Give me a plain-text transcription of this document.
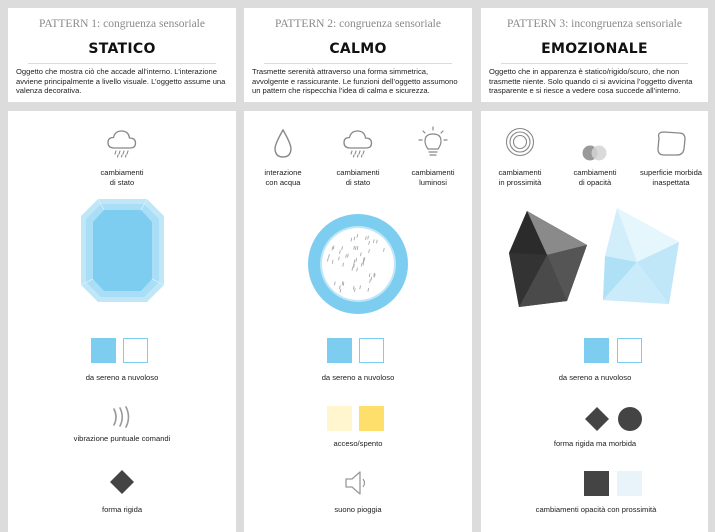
PATTERN 1: congruenza sensoriale
STATICO
Oggetto che mostra ciò che accade all’interno. L’interazione avviene principalmente a livello visuale. L’oggetto assume una valenza decorativa.
cambiamenti
di stato
da sereno a nuvoloso
vibrazione puntuale comandi
forma rigida
PATTERN 2: congruenza sensoriale
CALMO
Trasmette serenità attraverso una forma simmetrica, avvolgente e rassicurante. Le funzioni dell’oggetto assumono un pattern che rispecchia l’idea di calma e sicurezza.
interazione
con acqua
cambiamenti
di stato
cambiamenti
luminosi
da sereno a nuvoloso
acceso/spento
suono pioggia
PATTERN 3: incongruenza sensoriale
EMOZIONALE
Oggetto che in apparenza è statico/rigido/scuro, che non trasmette niente. Solo quando ci si avvicina l’oggetto diventa trasparente e si riesce a vedere cosa succede all’interno.
cambiamenti
in prossimità
cambiamenti
di opacità
superficie morbida
inaspettata
da sereno a nuvoloso
forma rigida ma morbida
cambiamenti opacità con prossimità
